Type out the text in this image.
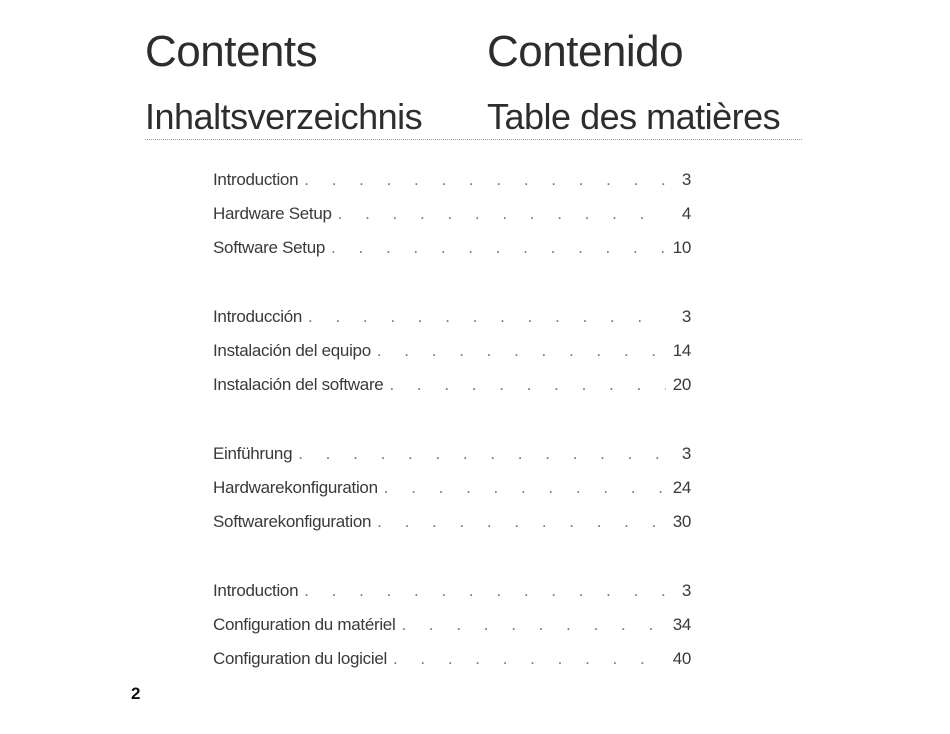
Contents	Contenido
Inhaltsverzeichnis Table des matières
Introduction . . .	3
Hardware Setup . . .	4
Software Setup . . .	10
Introducción . . .	3
Instalación del equipo . . .	14
Instalación del software . . .	20
Einführung . . .	3
Hardwarekonfiguration . . .	24
Softwarekonfiguration . . .	30
Introduction . . .	3
Configuration du matériel . . .	34
Configuration du logiciel . . .	40
2
